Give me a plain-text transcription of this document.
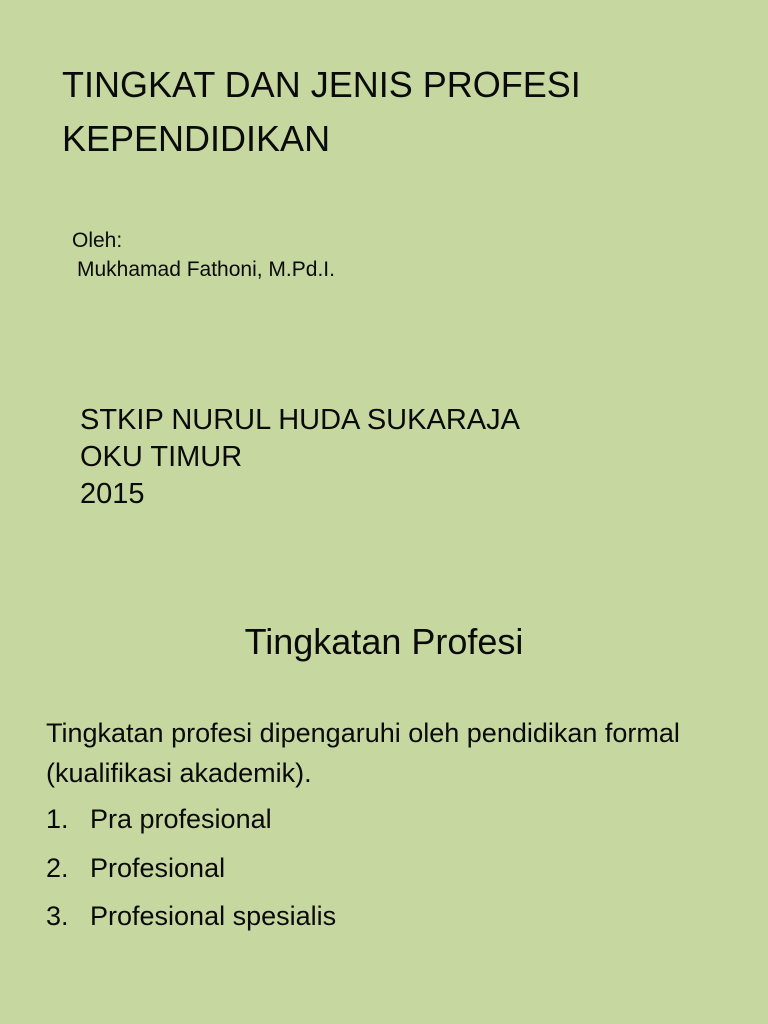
TINGKAT DAN JENIS PROFESI
KEPENDIDIKAN
Oleh:
Mukhamad Fathoni, M.Pd.I.
STKIP NURUL HUDA SUKARAJA
OKU TIMUR
2015
Tingkatan Profesi
Tingkatan profesi dipengaruhi oleh pendidikan formal (kualifikasi akademik).
1. Pra profesional
2. Profesional
3. Profesional spesialis
